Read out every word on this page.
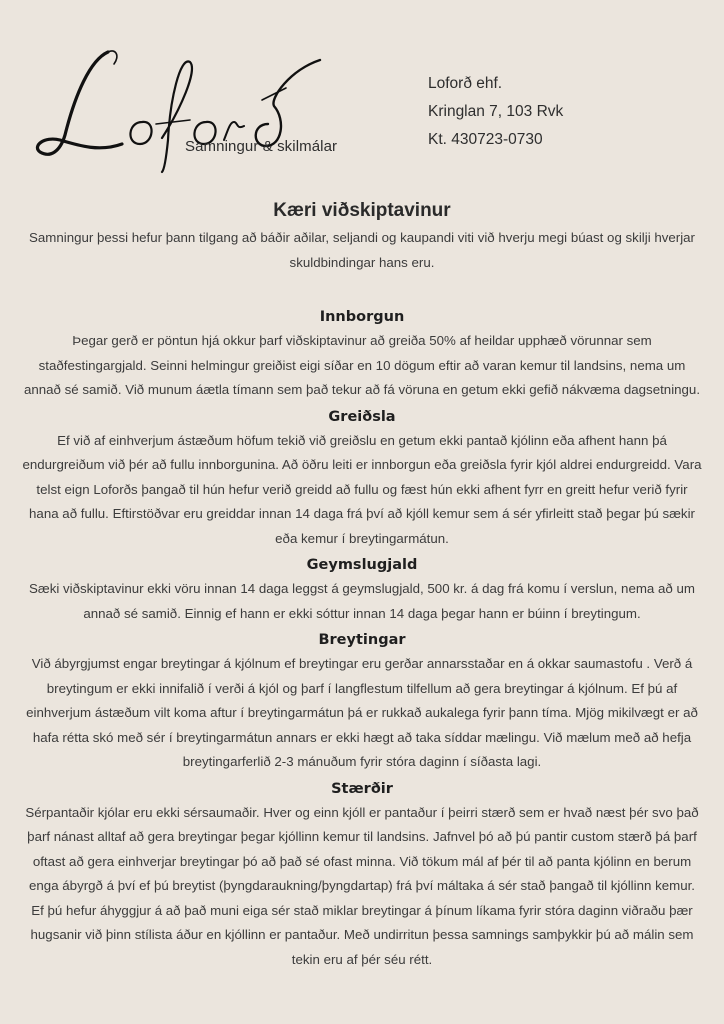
Samningur & skilmálar
Loforð ehf.
Kringlan 7, 103 Rvk
Kt. 430723-0730
Kæri viðskiptavinur

Samningur þessi hefur þann tilgang að báðir aðilar, seljandi og kaupandi viti við hverju megi búast og skilji hverjar skuldbindingar hans eru.

Innborgun

Þegar gerð er pöntun hjá okkur þarf viðskiptavinur að greiða 50% af heildar upphæð vörunnar sem staðfestingargjald. Seinni helmingur greiðist eigi síðar en 10 dögum eftir að varan kemur til landsins, nema um annað sé samið. Við munum áætla tímann sem það tekur að fá vöruna en getum ekki gefið nákvæma dagsetningu.

Greiðsla

Ef við af einhverjum ástæðum höfum tekið við greiðslu en getum ekki pantað kjólinn eða afhent hann þá endurgreiðum við þér að fullu innborgunina. Að öðru leiti er innborgun eða greiðsla fyrir kjól aldrei endurgreidd. Vara telst eign Loforðs þangað til hún hefur verið greidd að fullu og fæst hún ekki afhent fyrr en greitt hefur verið fyrir hana að fullu. Eftirstöðvar eru greiddar innan 14 daga frá því að kjóll kemur sem á sér yfirleitt stað þegar þú sækir eða kemur í breytingarmátun.

Geymslugjald

Sæki viðskiptavinur ekki vöru innan 14 daga leggst á geymslugjald, 500 kr. á dag frá komu í verslun, nema að um annað sé samið. Einnig ef hann er ekki sóttur innan 14 daga þegar hann er búinn í breytingum.

Breytingar

Við ábyrgjumst engar breytingar á kjólnum ef breytingar eru gerðar annarsstaðar en á okkar saumastofu . Verð á breytingum er ekki innifalið í verði á kjól og þarf í langflestum tilfellum að gera breytingar á kjólnum. Ef þú af einhverjum ástæðum vilt koma aftur í breytingarmátun þá er rukkað aukalega fyrir þann tíma. Mjög mikilvægt er að hafa rétta skó með sér í breytingarmátun annars er ekki hægt að taka síddar mælingu. Við mælum með að hefja breytingarferlið 2-3 mánuðum fyrir stóra daginn í síðasta lagi.

Stærðir

Sérpantaðir kjólar eru ekki sérsaumaðir. Hver og einn kjóll er pantaður í þeirri stærð sem er hvað næst þér svo það þarf nánast alltaf að gera breytingar þegar kjóllinn kemur til landsins. Jafnvel þó að þú pantir custom stærð þá þarf oftast að gera einhverjar breytingar þó að það sé ofast minna. Við tökum mál af þér til að panta kjólinn en berum enga ábyrgð á því ef þú breytist (þyngdaraukning/þyngdartap) frá því máltaka á sér stað þangað til kjóllinn kemur. Ef þú hefur áhyggjur á að það muni eiga sér stað miklar breytingar á þínum líkama fyrir stóra daginn viðraðu þær hugsanir við þinn stílista áður en kjóllinn er pantaður. Með undirritun þessa samnings samþykkir þú að málin sem tekin eru af þér séu rétt.
